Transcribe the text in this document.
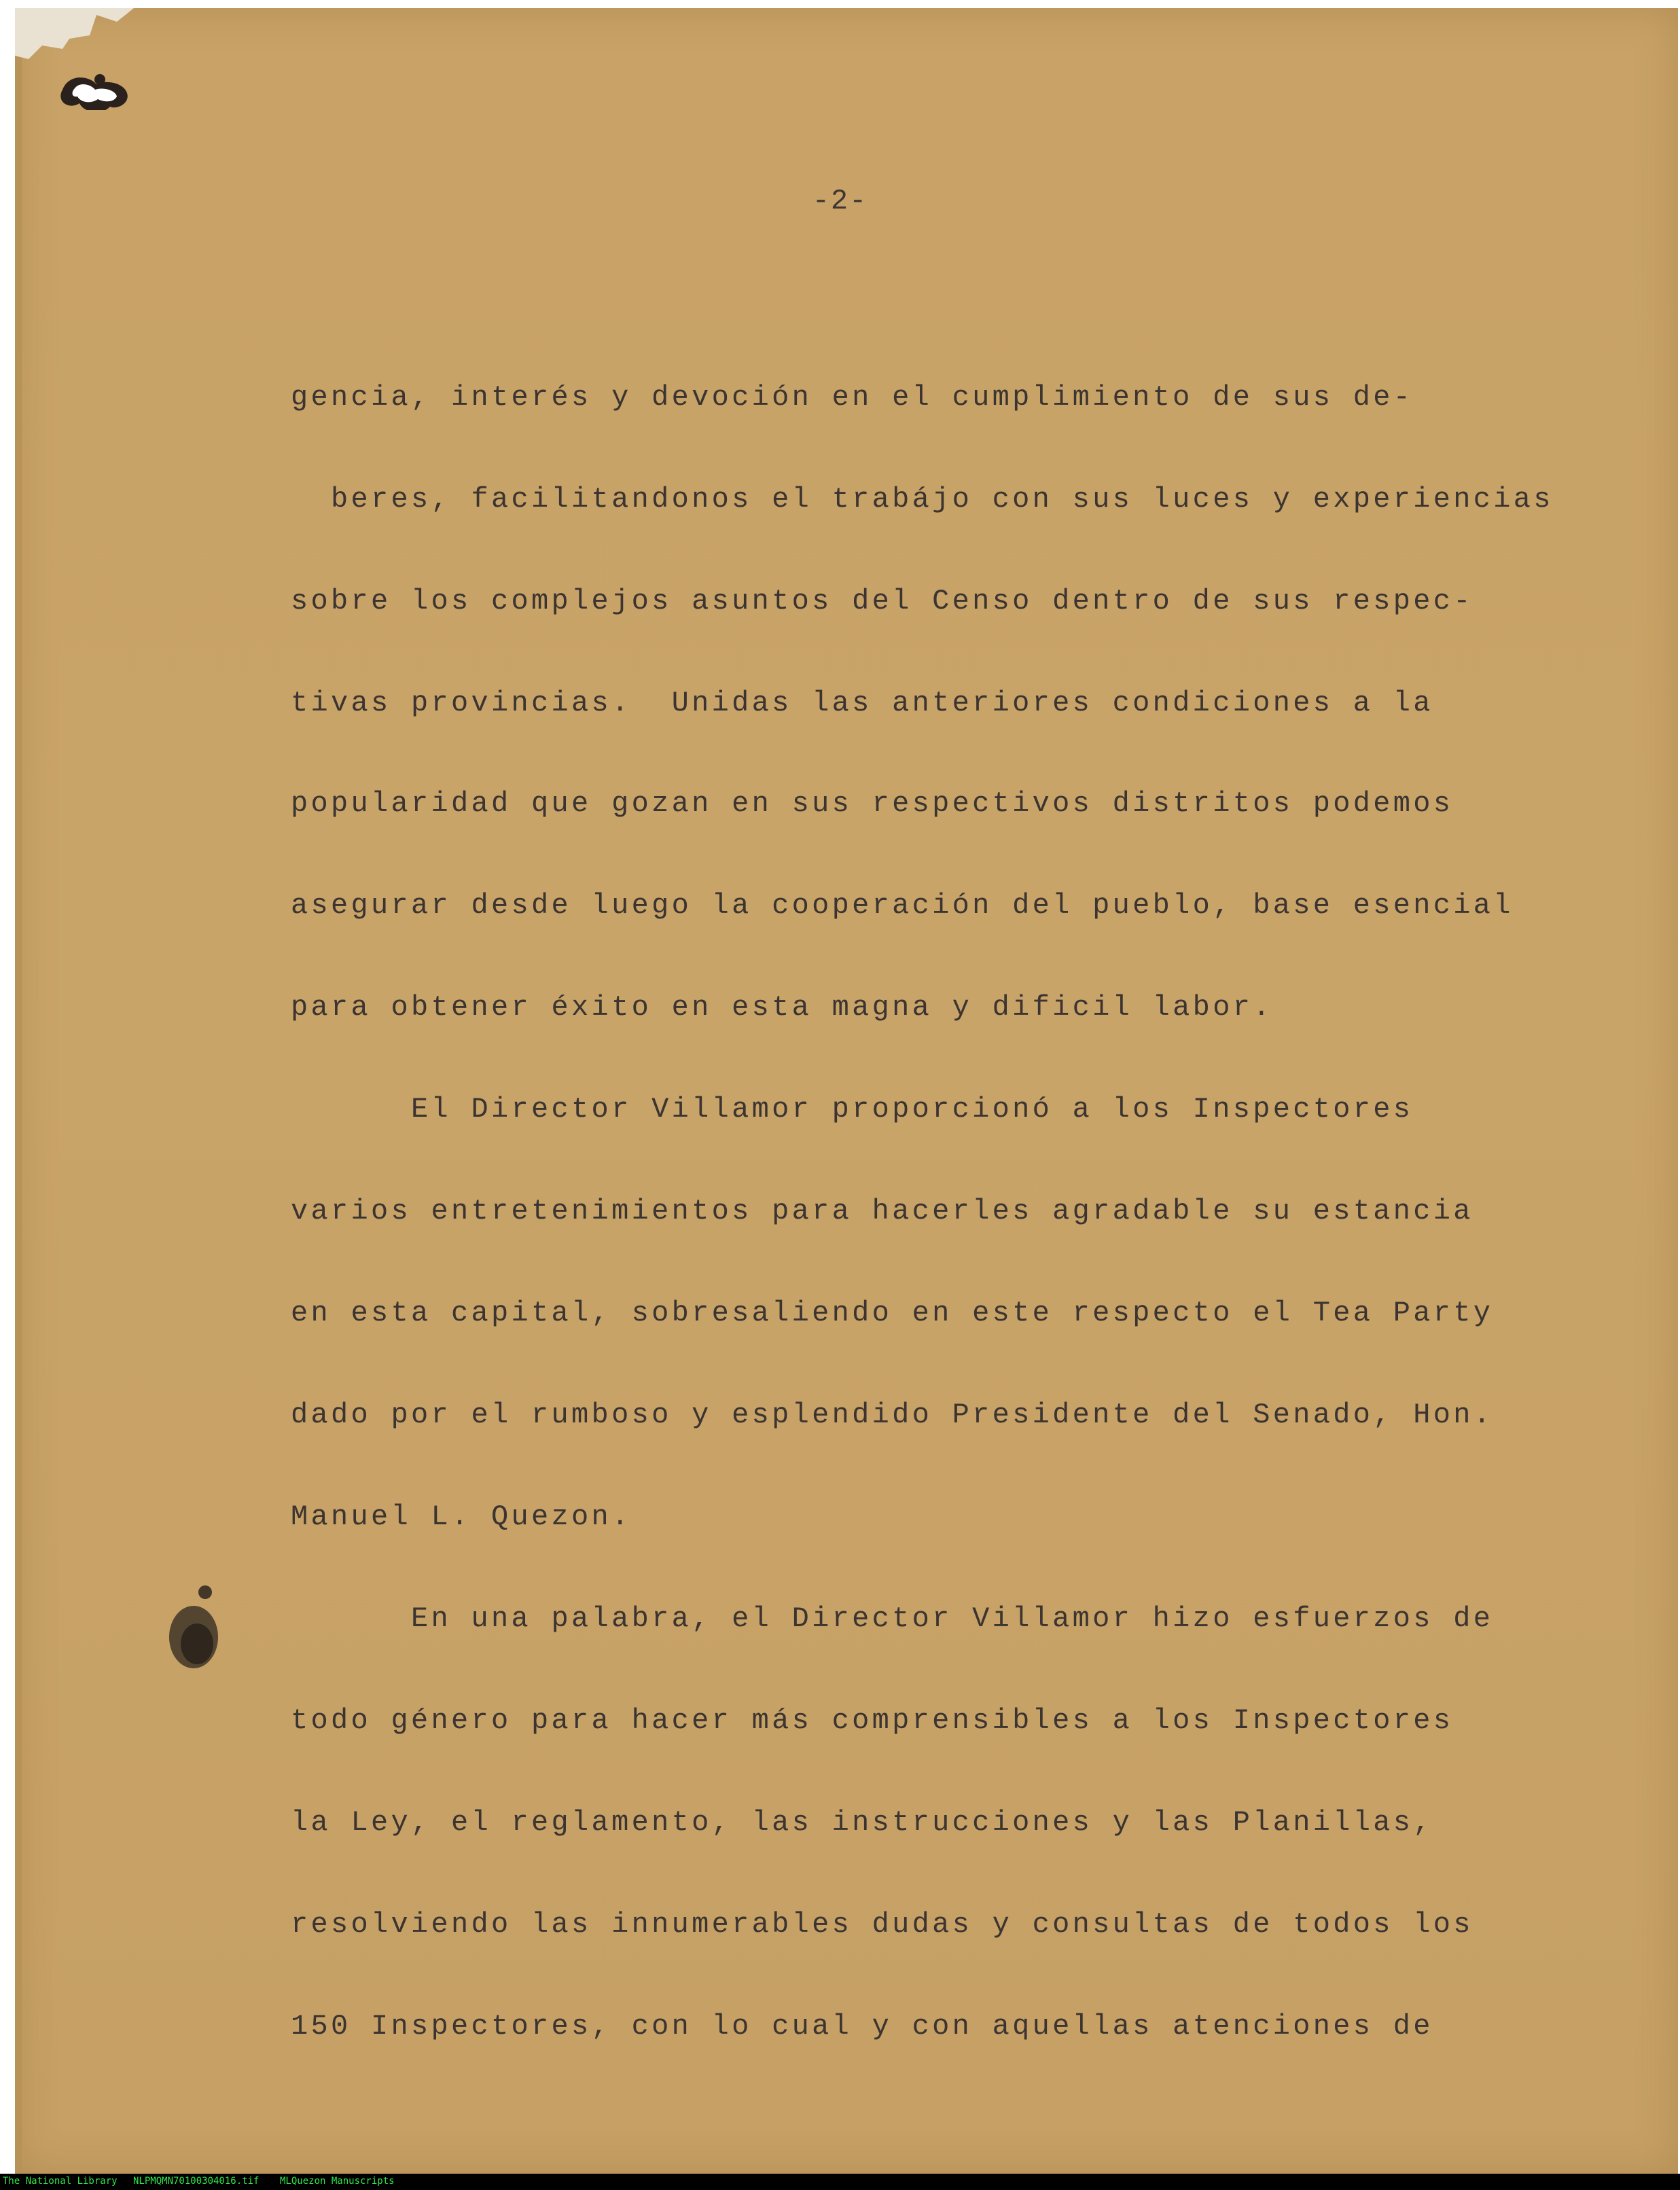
-2-
gencia, interés y devoción en el cumplimiento de sus de-
beres, facilitandonos el trabájo con sus luces y experiencias
sobre los complejos asuntos del Censo dentro de sus respec-
tivas provincias.  Unidas las anteriores condiciones a la
popularidad que gozan en sus respectivos distritos podemos
asegurar desde luego la cooperación del pueblo, base esencial
para obtener éxito en esta magna y dificil labor.
El Director Villamor proporcionó a los Inspectores
varios entretenimientos para hacerles agradable su estancia
en esta capital, sobresaliendo en este respecto el Tea Party
dado por el rumboso y esplendido Presidente del Senado, Hon.
Manuel L. Quezon.
En una palabra, el Director Villamor hizo esfuerzos de
todo género para hacer más comprensibles a los Inspectores
la Ley, el reglamento, las instrucciones y las Planillas,
resolviendo las innumerables dudas y consultas de todos los
150 Inspectores, con lo cual y con aquellas atenciones de
The National Library NLPMQMN70100304016.tif MLQuezon Manuscripts
